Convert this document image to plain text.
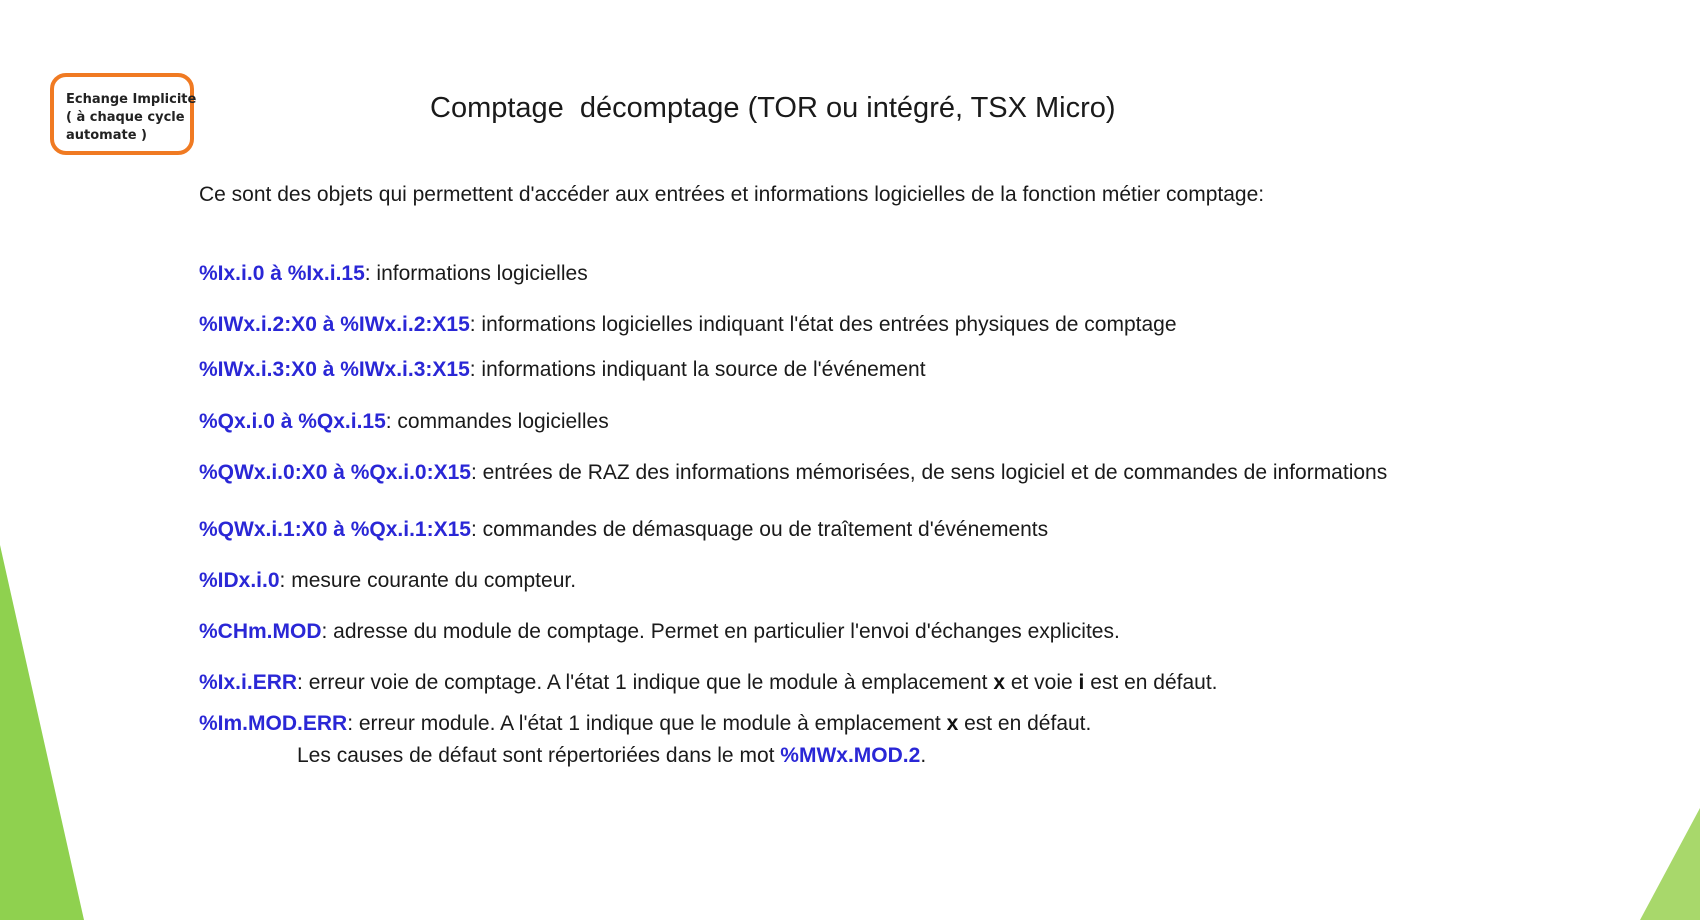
Echange Implicite
( à chaque cycle
automate )
Comptage  décomptage (TOR ou intégré, TSX Micro)
Ce sont des objets qui permettent d'accéder aux entrées et informations logicielles de la fonction métier comptage:
%Ix.i.0 à %Ix.i.15: informations logicielles
%IWx.i.2:X0 à %IWx.i.2:X15: informations logicielles indiquant l'état des entrées physiques de comptage
%IWx.i.3:X0 à %IWx.i.3:X15: informations indiquant la source de l'événement
%Qx.i.0 à %Qx.i.15: commandes logicielles
%QWx.i.0:X0 à %Qx.i.0:X15: entrées de RAZ des informations mémorisées, de sens logiciel et de commandes de informations
%QWx.i.1:X0 à %Qx.i.1:X15: commandes de démasquage ou de traîtement d'événements
%IDx.i.0: mesure courante du compteur.
%CHm.MOD: adresse du module de comptage. Permet en particulier l'envoi d'échanges explicites.
%Ix.i.ERR: erreur voie de comptage. A l'état 1 indique que le module à emplacement x et voie i est en défaut.
%Im.MOD.ERR: erreur module. A l'état 1 indique que le module à emplacement x est en défaut.
Les causes de défaut sont répertoriées dans le mot %MWx.MOD.2.
